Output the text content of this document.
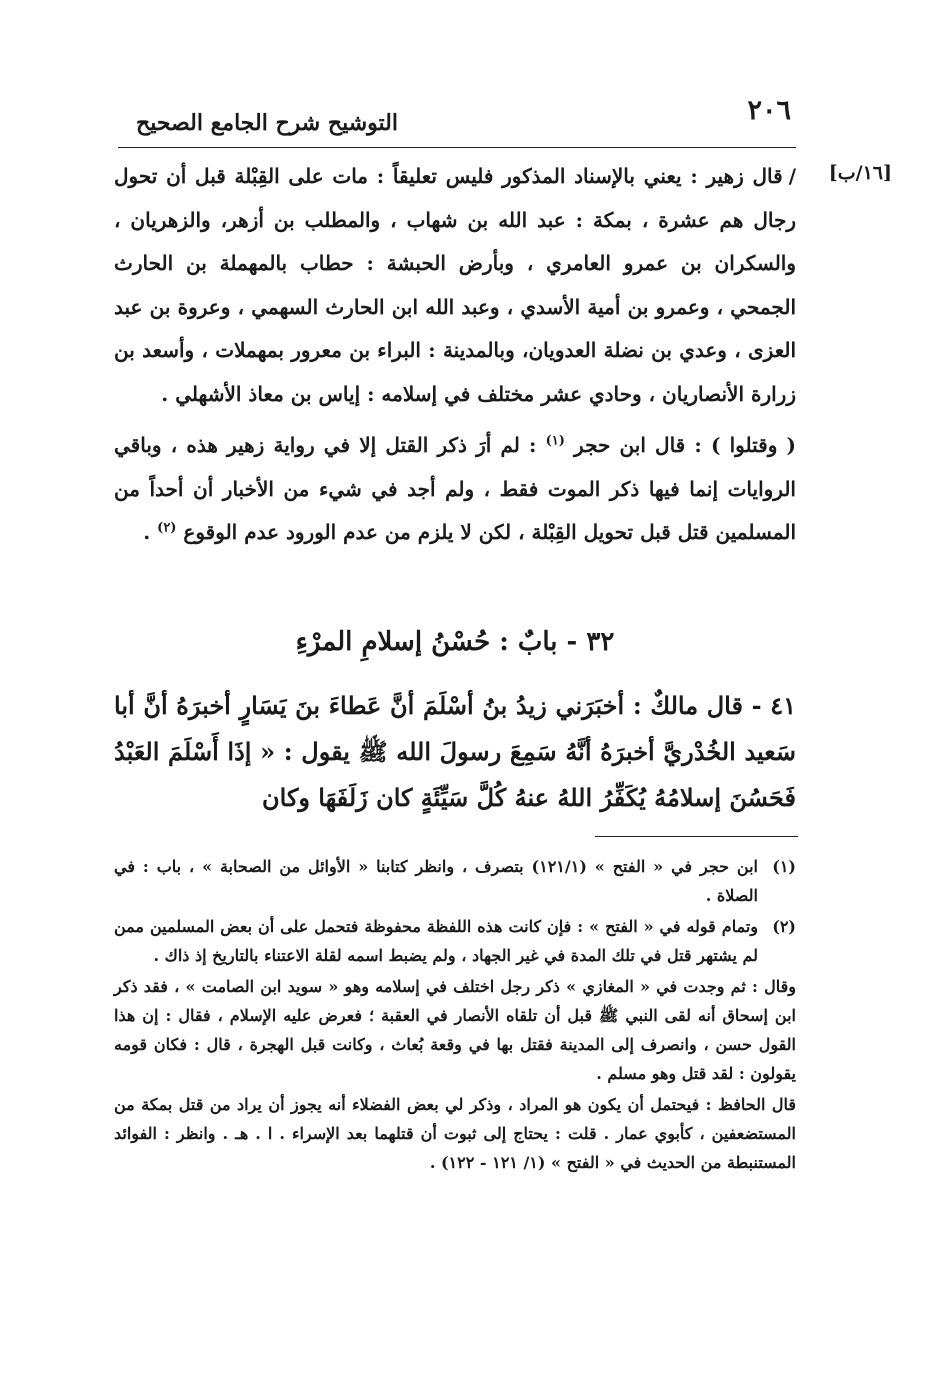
٢٠٦
التوشيح شرح الجامع الصحيح
[١٦/ب]

/قال زهير : يعني بالإسناد المذكور فليس تعليقاً : مات على القِبْلة قبل أن تحول رجال هم عشرة ، بمكة : عبد الله بن شهاب ، والمطلب بن أزهر، والزهريان ، والسكران بن عمرو العامري ، وبأرض الحبشة : حطاب بالمهملة بن الحارث الجمحي ، وعمرو بن أمية الأسدي ، وعبد الله ابن الحارث السهمي ، وعروة بن عبد العزى ، وعدي بن نضلة العدويان، وبالمدينة : البراء بن معرور بمهملات ، وأسعد بن زرارة الأنصاريان ، وحادي عشر مختلف في إسلامه : إياس بن معاذ الأشهلي .

( وقتلوا ) : قال ابن حجر $^{(١)}$ : لم أرَ ذكر القتل إلا في رواية زهير هذه ، وباقي الروايات إنما فيها ذكر الموت فقط ، ولم أجد في شيء من الأخبار أن أحداً من المسلمين قتل قبل تحويل القِبْلة ، لكن لا يلزم من عدم الورود عدم الوقوع $^{(٢)}$ .

٣٢ - بابٌ : حُسْنُ إسلامِ المرْءِ
٤١ - قال مالكٌ : أخبَرَني زيدُ بنُ أسْلَمَ أنَّ عَطاءَ بنَ يَسَارٍ أخبرَهُ أنَّ أبا سَعيد الخُدْريَّ أخبرَهُ أنَّهُ سَمِعَ رسولَ الله ﷺ يقول : « إذَا أَسْلَمَ العَبْدُ فَحَسُنَ إسلامُهُ يُكَفِّرُ اللهُ عنهُ كُلَّ سَيِّئَةٍ كان زَلَفَهَا وكان
(١)

ابن حجر في « الفتح » (١٢١/١) بتصرف ، وانظر كتابنا « الأوائل من الصحابة » ، باب : في الصلاة .

(٢)

وتمام قوله في « الفتح » : فإن كانت هذه اللفظة محفوظة فتحمل على أن بعض المسلمين ممن لم يشتهر قتل في تلك المدة في غير الجهاد ، ولم يضبط اسمه لقلة الاعتناء بالتاريخ إذ ذاك .

وقال : ثم وجدت في « المغازي » ذكر رجل اختلف في إسلامه وهو « سويد ابن الصامت » ، فقد ذكر ابن إسحاق أنه لقى النبي ﷺ قبل أن تلقاه الأنصار في العقبة ؛ فعرض عليه الإسلام ، فقال : إن هذا القول حسن ، وانصرف إلى المدينة فقتل بها في وقعة بُعاث ، وكانت قبل الهجرة ، قال : فكان قومه يقولون : لقد قتل وهو مسلم .

قال الحافظ : فيحتمل أن يكون هو المراد ، وذكر لي بعض الفضلاء أنه يجوز أن يراد من قتل بمكة من المستضعفين ، كأبوي عمار . قلت : يحتاج إلى ثبوت أن قتلهما بعد الإسراء . ا . هـ . وانظر : الفوائد المستنبطة من الحديث في « الفتح » (١/ ١٢١ - ١٢٢) .
